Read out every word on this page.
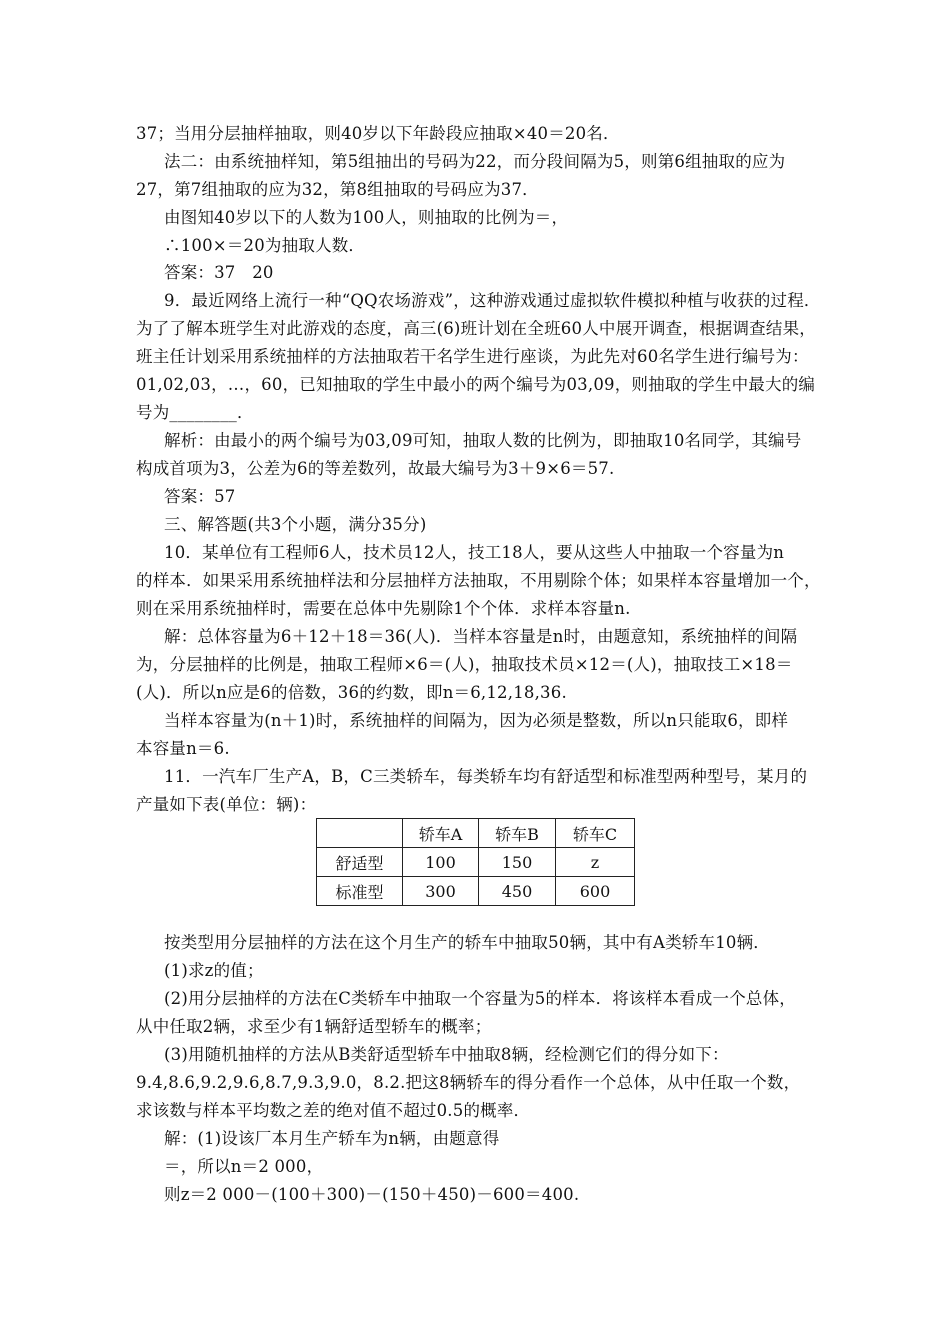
37；当用分层抽样抽取，则40岁以下年龄段应抽取×40＝20名．
法二：由系统抽样知，第5组抽出的号码为22，而分段间隔为5，则第6组抽取的应为
27，第7组抽取的应为32，第8组抽取的号码应为37．
由图知40岁以下的人数为100人，则抽取的比例为＝，
∴100×＝20为抽取人数．
答案：37　20
9．最近网络上流行一种“QQ农场游戏”，这种游戏通过虚拟软件模拟种植与收获的过程．
为了了解本班学生对此游戏的态度，高三(6)班计划在全班60人中展开调查，根据调查结果，
班主任计划采用系统抽样的方法抽取若干名学生进行座谈，为此先对60名学生进行编号为：
01,02,03，…，60，已知抽取的学生中最小的两个编号为03,09，则抽取的学生中最大的编
号为________．
解析：由最小的两个编号为03,09可知，抽取人数的比例为，即抽取10名同学，其编号
构成首项为3，公差为6的等差数列，故最大编号为3＋9×6＝57.
答案：57
三、解答题(共3个小题，满分35分)
10．某单位有工程师6人，技术员12人，技工18人，要从这些人中抽取一个容量为n
的样本．如果采用系统抽样法和分层抽样方法抽取，不用剔除个体；如果样本容量增加一个，
则在采用系统抽样时，需要在总体中先剔除1个个体．求样本容量n.
解：总体容量为6＋12＋18＝36(人)．当样本容量是n时，由题意知，系统抽样的间隔
为，分层抽样的比例是，抽取工程师×6＝(人)，抽取技术员×12＝(人)，抽取技工×18＝
(人)．所以n应是6的倍数，36的约数，即n＝6,12,18,36.
当样本容量为(n＋1)时，系统抽样的间隔为，因为必须是整数，所以n只能取6，即样
本容量n＝6.
11．一汽车厂生产A，B，C三类轿车，每类轿车均有舒适型和标准型两种型号，某月的
产量如下表(单位：辆)：
按类型用分层抽样的方法在这个月生产的轿车中抽取50辆，其中有A类轿车10辆．
(1)求z的值；
(2)用分层抽样的方法在C类轿车中抽取一个容量为5的样本．将该样本看成一个总体，
从中任取2辆，求至少有1辆舒适型轿车的概率；
(3)用随机抽样的方法从B类舒适型轿车中抽取8辆，经检测它们的得分如下：
9.4,8.6,9.2,9.6,8.7,9.3,9.0，8.2.把这8辆轿车的得分看作一个总体，从中任取一个数，
求该数与样本平均数之差的绝对值不超过0.5的概率．
解：(1)设该厂本月生产轿车为n辆，由题意得
＝，所以n＝2 000，
则z＝2 000－(100＋300)－(150＋450)－600＝400.
	轿车A	轿车B	轿车C
舒适型	100	150	z
标准型	300	450	600
